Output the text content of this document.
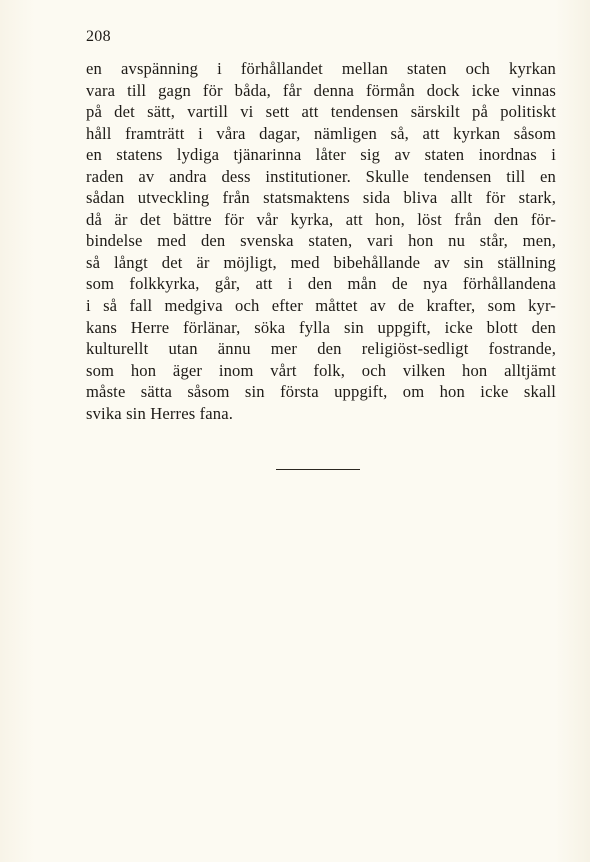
208
en avspänning i förhållandet mellan staten och kyrkan
vara till gagn för båda, får denna förmån dock icke vinnas
på det sätt, vartill vi sett att tendensen särskilt på politiskt
håll framträtt i våra dagar, nämligen så, att kyrkan såsom
en statens lydiga tjänarinna låter sig av staten inordnas i
raden av andra dess institutioner. Skulle tendensen till en
sådan utveckling från statsmaktens sida bliva allt för stark,
då är det bättre för vår kyrka, att hon, löst från den för-
bindelse med den svenska staten, vari hon nu står, men,
så långt det är möjligt, med bibehållande av sin ställning
som folkkyrka, går, att i den mån de nya förhållandena
i så fall medgiva och efter måttet av de krafter, som kyr-
kans Herre förlänar, söka fylla sin uppgift, icke blott den
kulturellt utan ännu mer den religiöst-sedligt fostrande,
som hon äger inom vårt folk, och vilken hon alltjämt
måste sätta såsom sin första uppgift, om hon icke skall
svika sin Herres fana.
